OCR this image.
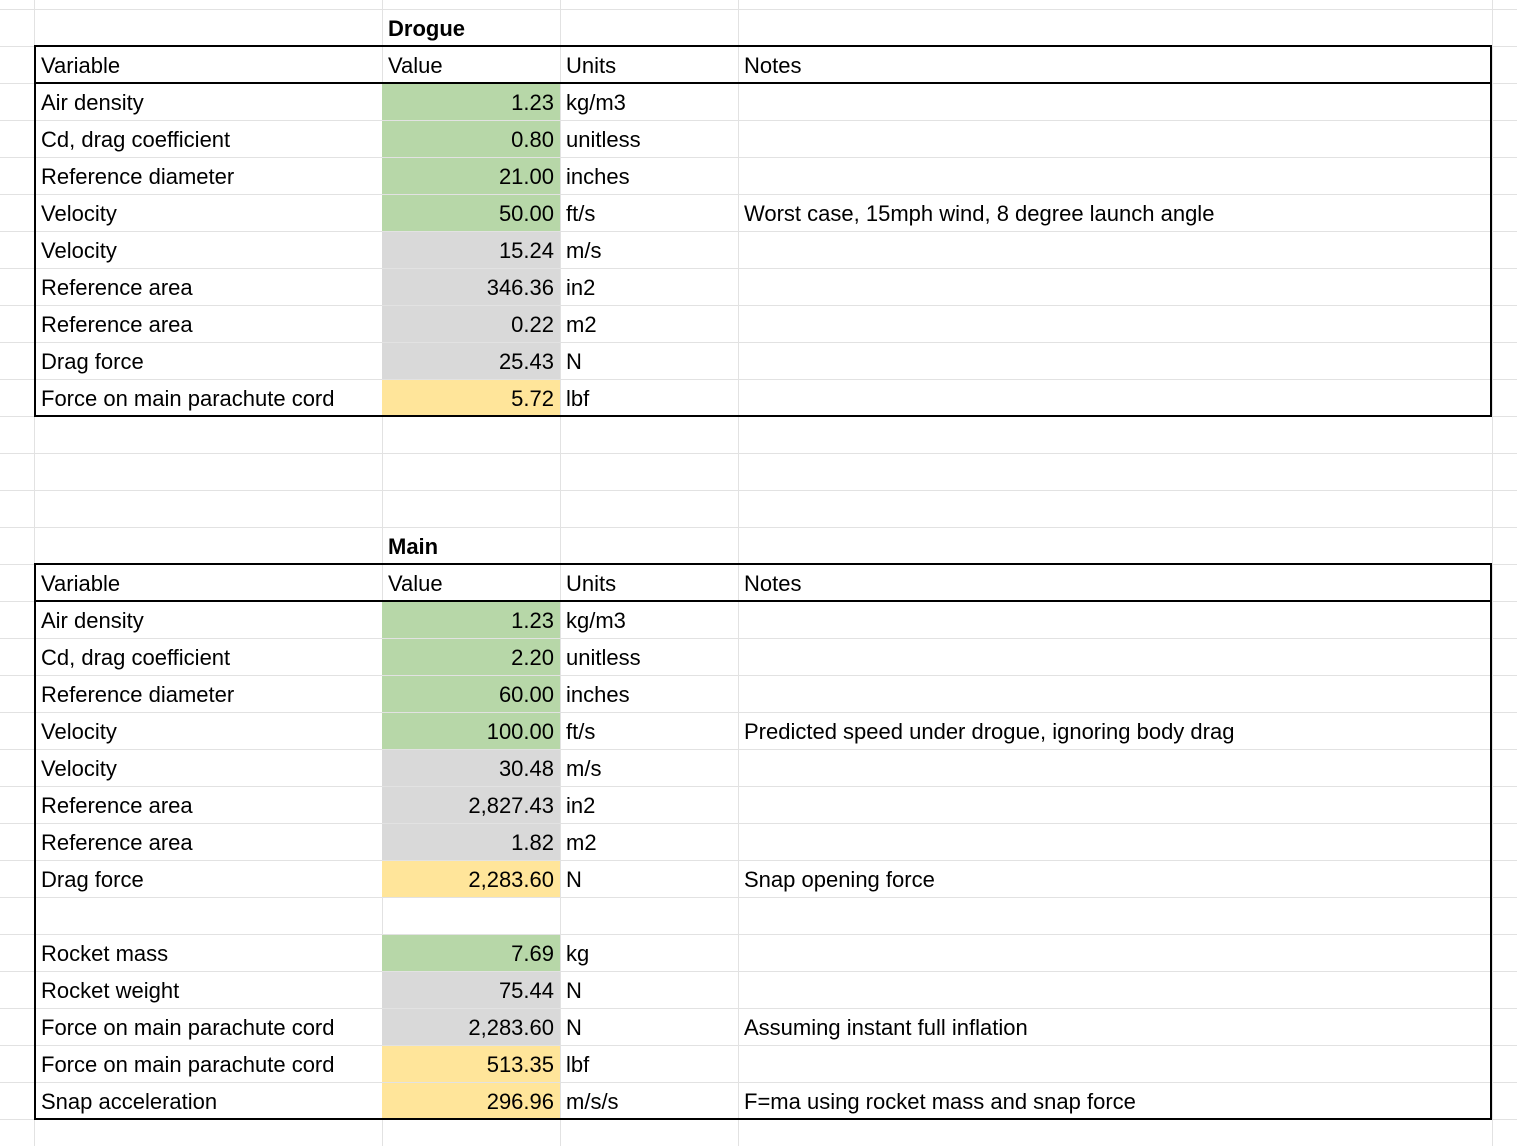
Drogue
Variable	Value	Units	Notes
Air density	1.23 kg/m3
Cd, drag coefficient	0.80 unitless
Reference diameter	21.00 inches
Velocity	50.00 ft/s	Worst case, 15mph wind, 8 degree launch angle
Velocity	15.24 m/s
Reference area	346.36 in2
Reference area	0.22 m2
Drag force	25.43 N
Force on main parachute cord	5.72 lbf
Main
Variable	Value	Units	Notes
Air density	1.23 kg/m3
Cd, drag coefficient	2.20 unitless
Reference diameter	60.00 inches
Velocity	100.00 ft/s	Predicted speed under drogue, ignoring body drag
Velocity	30.48 m/s
Reference area	2,827.43 in2
Reference area	1.82 m2
Drag force	2,283.60 N	Snap opening force
Rocket mass	7.69 kg
Rocket weight	75.44 N
Force on main parachute cord	2,283.60 N	Assuming instant full inflation
Force on main parachute cord	513.35 lbf
Snap acceleration	296.96 m/s/s	F=ma using rocket mass and snap force
